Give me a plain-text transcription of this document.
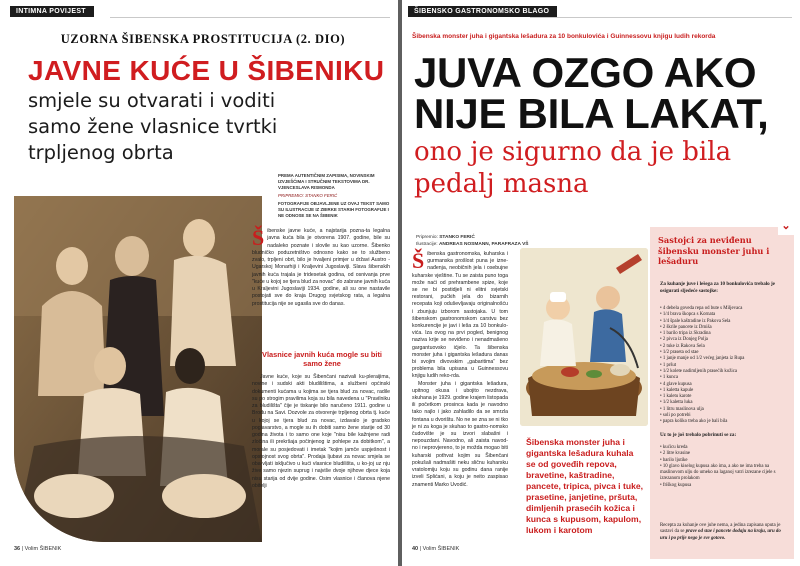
INTIMNA POVIJEST
UZORNA ŠIBENSKA PROSTITUCIJA (2. DIO)
JAVNE KUĆE U ŠIBENIKU
smjele su otvarati i voditi samo žene vlasnice tvrtki trpljenog obrta
PREMA AUTENTIČNIM ZAPISIMA, NOVINSKIM IZVJEŠĆIMA I STRUČNIM TEKSTOVIMA DR. VJENCESLAVA RISMONDA
PRIPREMIO: STANKO FERIĆ
FOTOGRAFIJE OBJAVLJENE UZ OVAJ TEKST SAMO SU ILUSTRACIJE IZ ZBIRKE STARIH FOTOGRAFIJE I NE ODNOSE SE NA ŠIBENIK
Š ibenske javne kuće, a najstarija pozna-ta legalna javna kuća bila je otvorena 1907. godine, bile su nadaleko poznate i slovile su kao uzorne. Šibenko bludničko poduzetništvo odnosno kako se to službeno zvalo, trpljeni obrt, bilo je hvaljeni primjer u državi Austro - Ugarskoj Monarhiji i Kraljevini Jugoslaviji. Slava šibenskih javnih kuća trajala je tridesetak godina, od osnivanja prve "kuće u kojoj se tjera blud za novac" do zabrane javnih kuća u Kraljevini Jugoslaviji 1934. godine, ali su one nastavile postojati sve do kraja Drugog svjetskog rata, a legalna prostitucija nije se ugasila sve do danas.
Vlasnice javnih kuća mogle su biti samo žene
Javne kuće, koje su Šibenčani nazivali ku-pleraijima, novine i sudski akti bludilištima, a službeni općinski dokumenti kućama u kojima se tjera blud za novac, radile su po strogim pravilima koja su bila navedena u "Pravilniku za bludilišta" čije je tiskanje bilo naručeno 1911. godine u Brodu na Savi. Dozvole za otvorenje trpljenog obrta tj. kuće u kojoj se tjera blud za novac, izdavalo je gradsko poglavarstvo, a mogle su ih dobiti samo žene starije od 30 godina života i to samo one koje "nisu bile kažnjene radi zločina ili prekršaja počinjenog iz pohlepe za dobitkom", a morale su posjedovati i imetak "kojim jamče uspješnost i opstojnost svog obrta". Prodaja ljubavi za novac smjela se oba-vljati isključivo u kući vlasnice bludilišta, u ko-joj uz nju žive samo njezin suprug i najviše dvoje njihove djece koja nisu starija od dvije godine. Osim vlasnice i članova njene obitelji
36 | Volim ŠIBENIK
ŠIBENSKO GASTRONOMSKO BLAGO
Šibenska monster juha i gigantska lešadura za 10 bonkulovića i Guinnessovu knjigu ludih rekorda
JUVA OZGO AKO NIJE BILA LAKAT,
ono je sigurno da je bila pedalj masna
Pripremio: STANKO FERIĆ
Ilustracije: ANDREAS NOSMANN, PARAFRAZA VŠ

Šibenska gastronomska, kuharska i gurmanska prošlost puna je izne-nađenja, neobičnih jela i osebujne kuharske vještine. Tu se zaista puno toga može naći od prehrambene spize, koje se ne bi postidjeli ni elitni svjetski restorani, pučkih jela do bizarnih recepata koji oduševljavaju originalnošću i zbunjuju izborom sastojaka. U tom šibenskom gastronomskom carstvu bez konkurencije je javi i leša za 10 bonkulo-vića. Iza ovog na prvi pogled, benignog naziva krije se neviđeno i nenadmašeno gargantuovsko ićjelo. Ta šibenska monster juha i gigantska lešadura danas bi svojim divovskim „gabaritima” bez problema bila upisana u Guinnessovu knjigu ludih reko-rda.

Monster juha i gigantska lešadura, upitnog okusa i ubojito nezdrava, skuhana je 1929. godine krajem listopada ili početkom prosinca kada je navodno tako najlo i jako zahladilo da se smrzla fontana u dvorištu. No ne se zna se ni tko je ni za koga je skuhao to gastro-nomsko čudovište je su izvori slabašni i nepouzdani. Navodno, ali zaista navod-no i neprovjereno, to je možda mogao biti kuharski pothvat kojim su Šibenčani pokušali nadmašiti neku sličnu kuharsku vratolomiju koju su godinu dana ranije izveli Splićani, a koju je neito zaspisao znamenti Marko Uvodić.

Šibenska monster juha i gigantska lešadura kuhala se od goveđih repova, bravetine, kaštradine, pancete, tripica, pivca i tuke, prasetine, janjetine, pršuta, dimljenih prasećih kožica i kunca s kupusom, kapulom, lukom i karotom
⌄
Sastojci za neviđenu šibensku monster juhu i lešaduru
Za kuhanje juve i lešega za 10 bonkulovića trebalo je osigurati sljedeće sastojke:
• 4 debela goveda repa od bute s Miljevaca
• 1/4 brava škopca s Kornata
• 1/4 špale kaštradine iz Pakova Sela
• 2 škrile pancete iz Drniša
• 1 barilo tripa iz Skradina
• 2 pivca iz Donjeg Polja
• 2 tuke iz Rakova Sela
• 1/2 praseta od stae
• 1 janje manje od 1/2 većeg janjeta iz Rupa
• 1 pršut
• 1/2 kolete nadimljenih prasećih kožica
• 1 kunca
• 4 glave kupusa
• 1 kaletta kapule
• 1 kaletu karote
• 1/2 kaletta luka
• 1 litru maslinova ulja
• soli po potrebi
• papra koliko treba ako je bali bila
Uz to je još trebalo pobrinuti se za:
• kućicu kreda
• 2 litre kvasine
• barilo ljutike
• 10 glavo kiselog kupusa ako ima, a ako ne ima treba na maslinovom ulju do umeko na laganoj vatri izrezane cijele s izrezanom prolakom
• friškog kupusa
Recepta za kuhanje ove juhe nema, a jedina zapisana uputa je sastavi da se prave od stae i pancete dodaju na kraju, uru do uru i po prije nego je sve gotovo.
40 | Volim ŠIBENIK
